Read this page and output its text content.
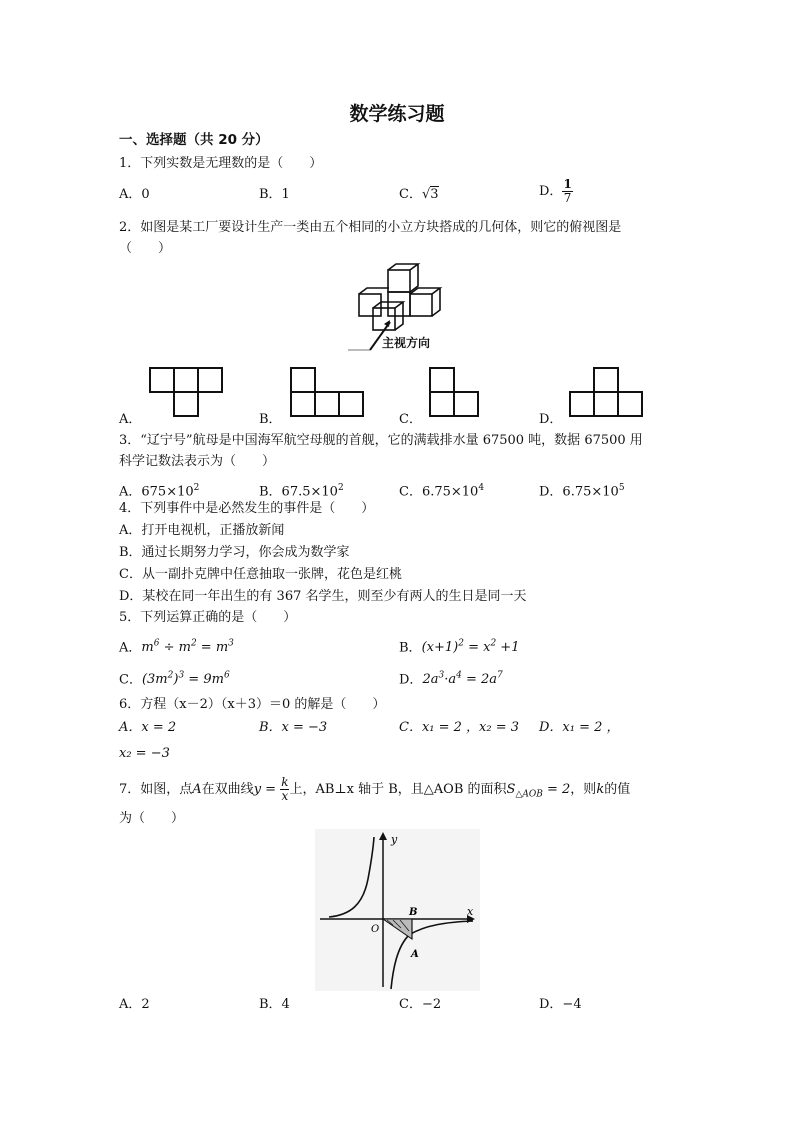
数学练习题
一、选择题（共 20 分）
1．下列实数是无理数的是（　　）
A．0	B．1	C．√3	D． $\frac{1}{7}$
2．如图是某工厂要设计生产一类由五个相同的小立方块搭成的几何体，则它的俯视图是
（　　）
主视方向
A．	B．	C．	D．
3．“辽宁号”航母是中国海军航空母舰的首舰，它的满载排水量 67500 吨，数据 67500 用
科学记数法表示为（　　）
A．$675\times 10^2$	B．$67.5\times 10^2$	C．$6.75\times 10^4$	D．$6.75\times 10^5$
4．下列事件中是必然发生的事件是（　　）
A．打开电视机，正播放新闻
B．通过长期努力学习，你会成为数学家
C．从一副扑克牌中任意抽取一张牌，花色是红桃
D．某校在同一年出生的有 367 名学生，则至少有两人的生日是同一天
5．下列运算正确的是（　　）
A．$m^6 \div m^2 = m^3$	B．$(x+1)^2 = x^2 +1$
C．$(3m^2)^3 = 9m^6$	D．$2a^3\cdot a^4 = 2a^7$
6．方程（x－2）（x＋3）＝0 的解是（　　）
A．x = 2	B．x = −3	C．x₁ = 2 ，x₂ = 3 D．x₁ = 2 ，
x₂ = −3
7．如图，点A在双曲线$y = \frac{k}{x}$ 上，AB⊥x 轴于 B，且△AOB 的面积$S_{\triangle AOB} = 2$，则k的值
为（　　）
y
x
O
B
A
A．2	B．4	C．−2	D．−4
